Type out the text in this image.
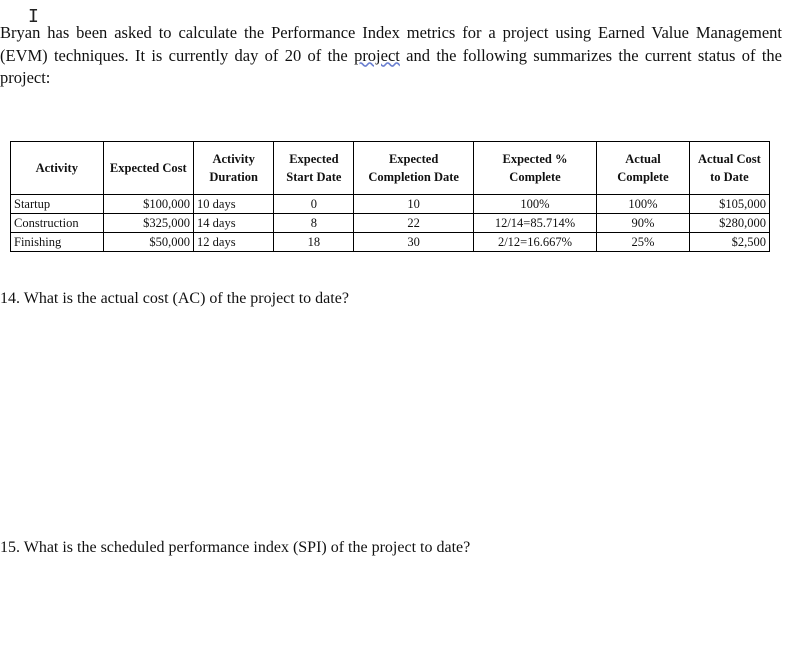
I

Bryan has been asked to calculate the Performance Index metrics for a project using Earned Value Management (EVM) techniques. It is currently day of 20 of the project and the following summarizes the current status of the project:

Activity	Expected Cost	Activity Duration	Expected Start Date	Expected Completion Date	Expected % Complete	Actual Complete	Actual Cost to Date
Startup	$100,000	10 days	0	10	100%	100%	$105,000
Construction	$325,000	14 days	8	22	12/14=85.714%	90%	$280,000
Finishing	$50,000	12 days	18	30	2/12=16.667%	25%	$2,500

14. What is the actual cost (AC) of the project to date?

15. What is the scheduled performance index (SPI) of the project to date?
